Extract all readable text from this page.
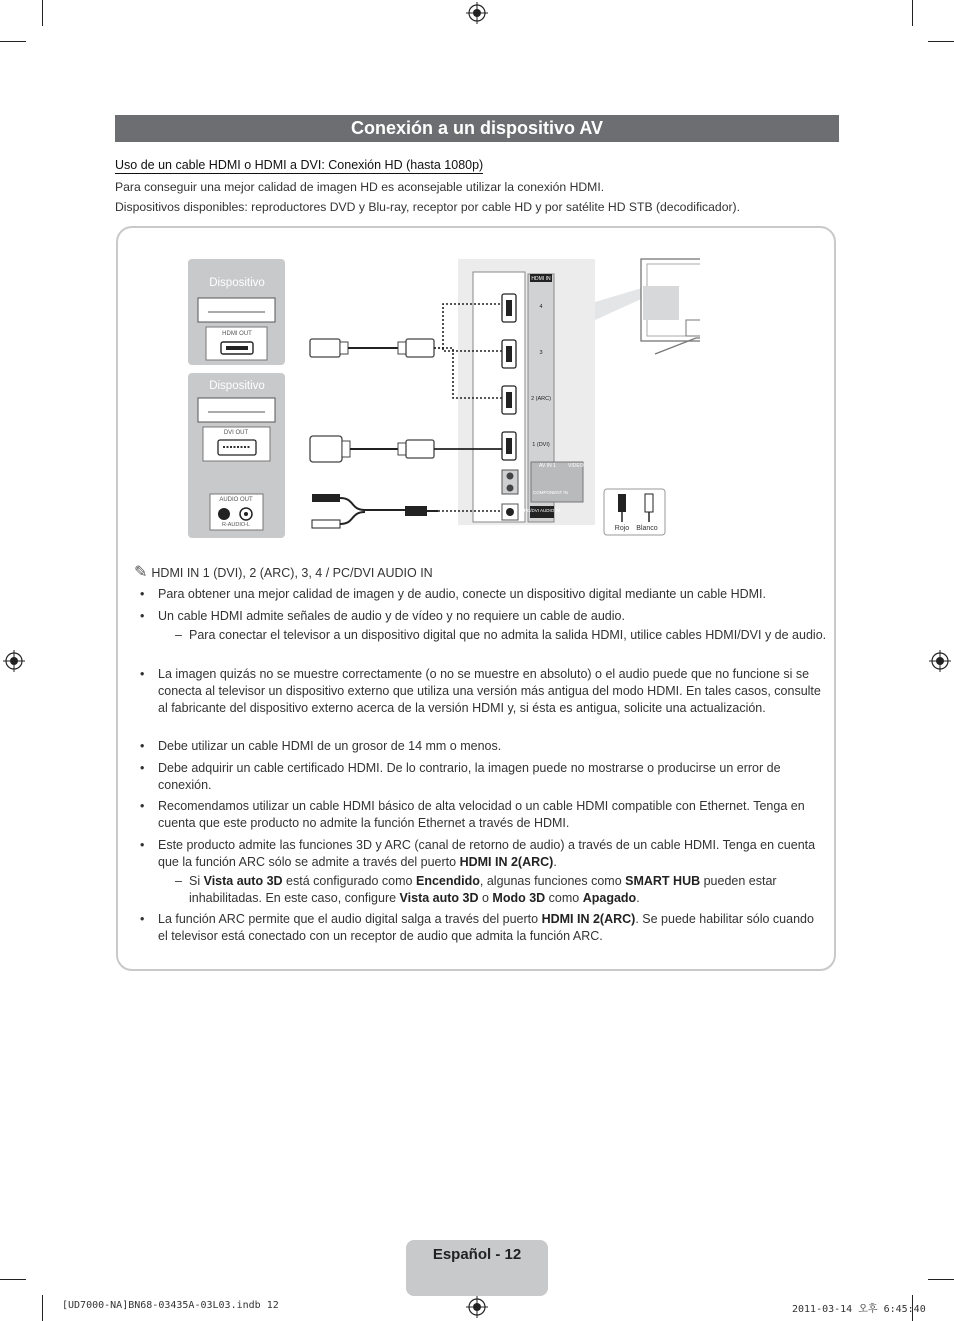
Conexión a un dispositivo AV
Uso de un cable HDMI o HDMI a DVI: Conexión HD (hasta 1080p)
Para conseguir una mejor calidad de imagen HD es aconsejable utilizar la conexión HDMI.
Dispositivos disponibles: reproductores DVD y Blu-ray, receptor por cable HD y por satélite HD STB (decodificador).
Dispositivo
HDMI OUT
Dispositivo
DVI OUT
AUDIO OUT
R-AUDIO-L
HDMI IN
4
3
2 (ARC)
1 (DVI)
AV IN 1 VIDEO
COMPONENT IN
PC/DVI AUDIO IN
Rojo Blanco
✎ HDMI IN 1 (DVI), 2 (ARC), 3, 4 / PC/DVI AUDIO IN
• Para obtener una mejor calidad de imagen y de audio, conecte un dispositivo digital mediante un cable HDMI.
• Un cable HDMI admite señales de audio y de vídeo y no requiere un cable de audio.
– Para conectar el televisor a un dispositivo digital que no admita la salida HDMI, utilice cables HDMI/DVI y de audio.
• La imagen quizás no se muestre correctamente (o no se muestre en absoluto) o el audio puede que no funcione si se conecta al televisor un dispositivo externo que utiliza una versión más antigua del modo HDMI. En tales casos, consulte al fabricante del dispositivo externo acerca de la versión HDMI y, si ésta es antigua, solicite una actualización.
• Debe utilizar un cable HDMI de un grosor de 14 mm o menos.
• Debe adquirir un cable certificado HDMI. De lo contrario, la imagen puede no mostrarse o producirse un error de conexión.
• Recomendamos utilizar un cable HDMI básico de alta velocidad o un cable HDMI compatible con Ethernet. Tenga en cuenta que este producto no admite la función Ethernet a través de HDMI.
• Este producto admite las funciones 3D y ARC (canal de retorno de audio) a través de un cable HDMI. Tenga en cuenta que la función ARC sólo se admite a través del puerto HDMI IN 2(ARC).
– Si Vista auto 3D está configurado como Encendido, algunas funciones como SMART HUB pueden estar inhabilitadas. En este caso, configure Vista auto 3D o Modo 3D como Apagado.
• La función ARC permite que el audio digital salga a través del puerto HDMI IN 2(ARC). Se puede habilitar sólo cuando el televisor está conectado con un receptor de audio que admita la función ARC.
Español - 12
[UD7000-NA]BN68-03435A-03L03.indb 12	2011-03-14 오후 6:45:40
